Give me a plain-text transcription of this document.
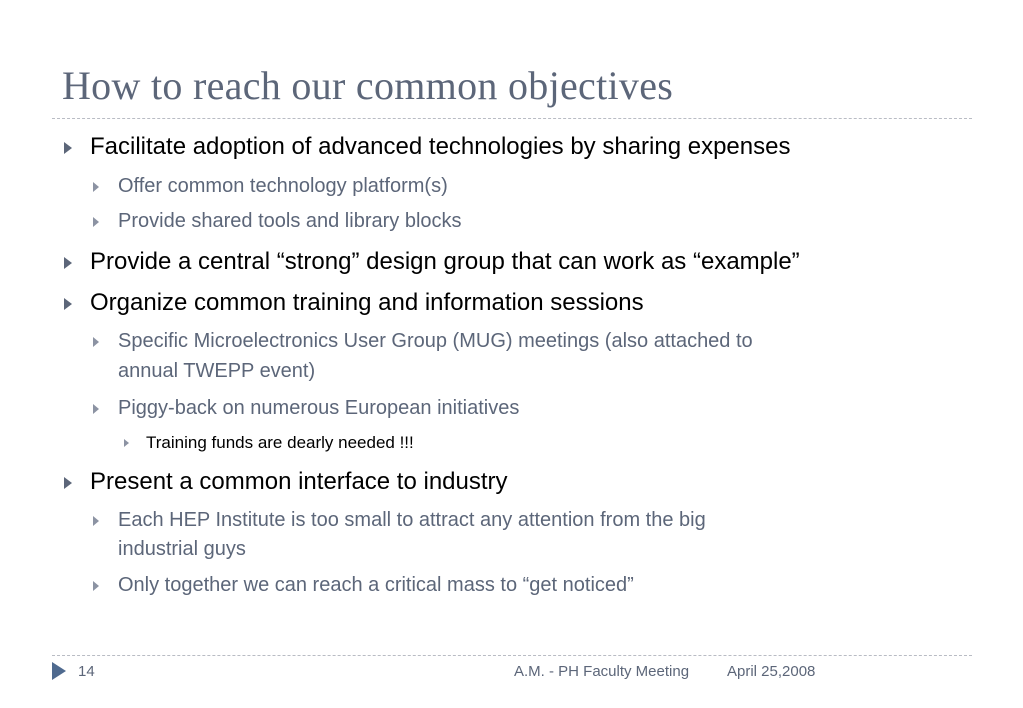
How to reach our common objectives
Facilitate adoption of advanced technologies by sharing expenses
Offer common technology platform(s)
Provide shared tools and library blocks
Provide a central “strong” design group that can work as “example”
Organize common training and information sessions
Specific Microelectronics User Group (MUG) meetings (also attached to
annual TWEPP event)
Piggy-back on numerous European initiatives
Training funds are dearly needed !!!
Present a common interface to industry
Each HEP Institute is too small to attract any attention from the big
industrial guys
Only together we can reach a critical mass to “get noticed”
14	A.M. - PH Faculty Meeting	April 25,2008
